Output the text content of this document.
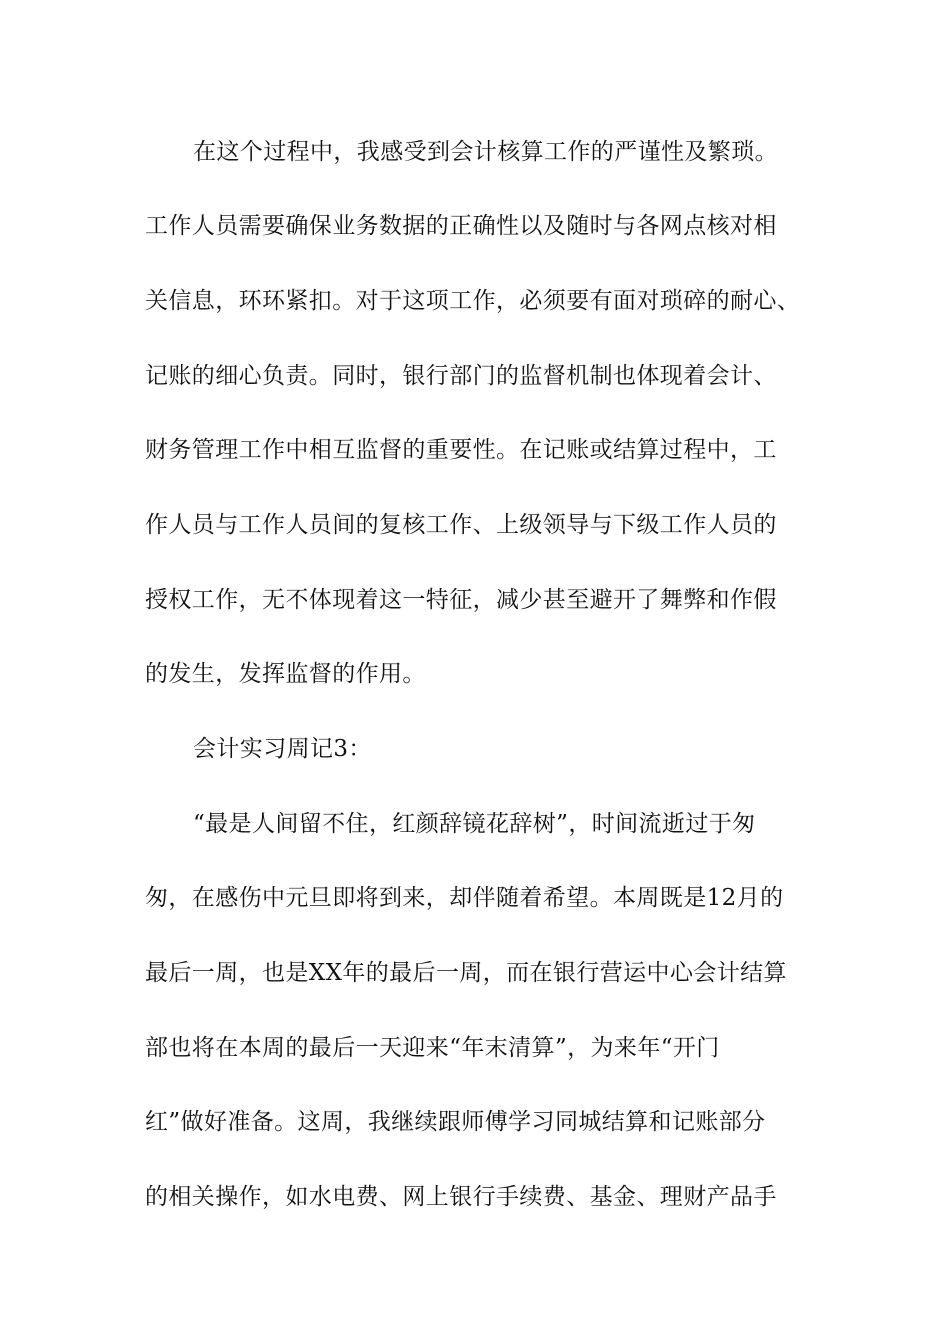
在这个过程中，我感受到会计核算工作的严谨性及繁琐。
工作人员需要确保业务数据的正确性以及随时与各网点核对相
关信息，环环紧扣。对于这项工作，必须要有面对琐碎的耐心、
记账的细心负责。同时，银行部门的监督机制也体现着会计、
财务管理工作中相互监督的重要性。在记账或结算过程中，工
作人员与工作人员间的复核工作、上级领导与下级工作人员的
授权工作，无不体现着这一特征，减少甚至避开了舞弊和作假
的发生，发挥监督的作用。
会计实习周记3：
“最是人间留不住，红颜辞镜花辞树”，时间流逝过于匆
匆，在感伤中元旦即将到来，却伴随着希望。本周既是12月的
最后一周，也是XX年的最后一周，而在银行营运中心会计结算
部也将在本周的最后一天迎来“年末清算”，为来年“开门
红”做好准备。这周，我继续跟师傅学习同城结算和记账部分
的相关操作，如水电费、网上银行手续费、基金、理财产品手
